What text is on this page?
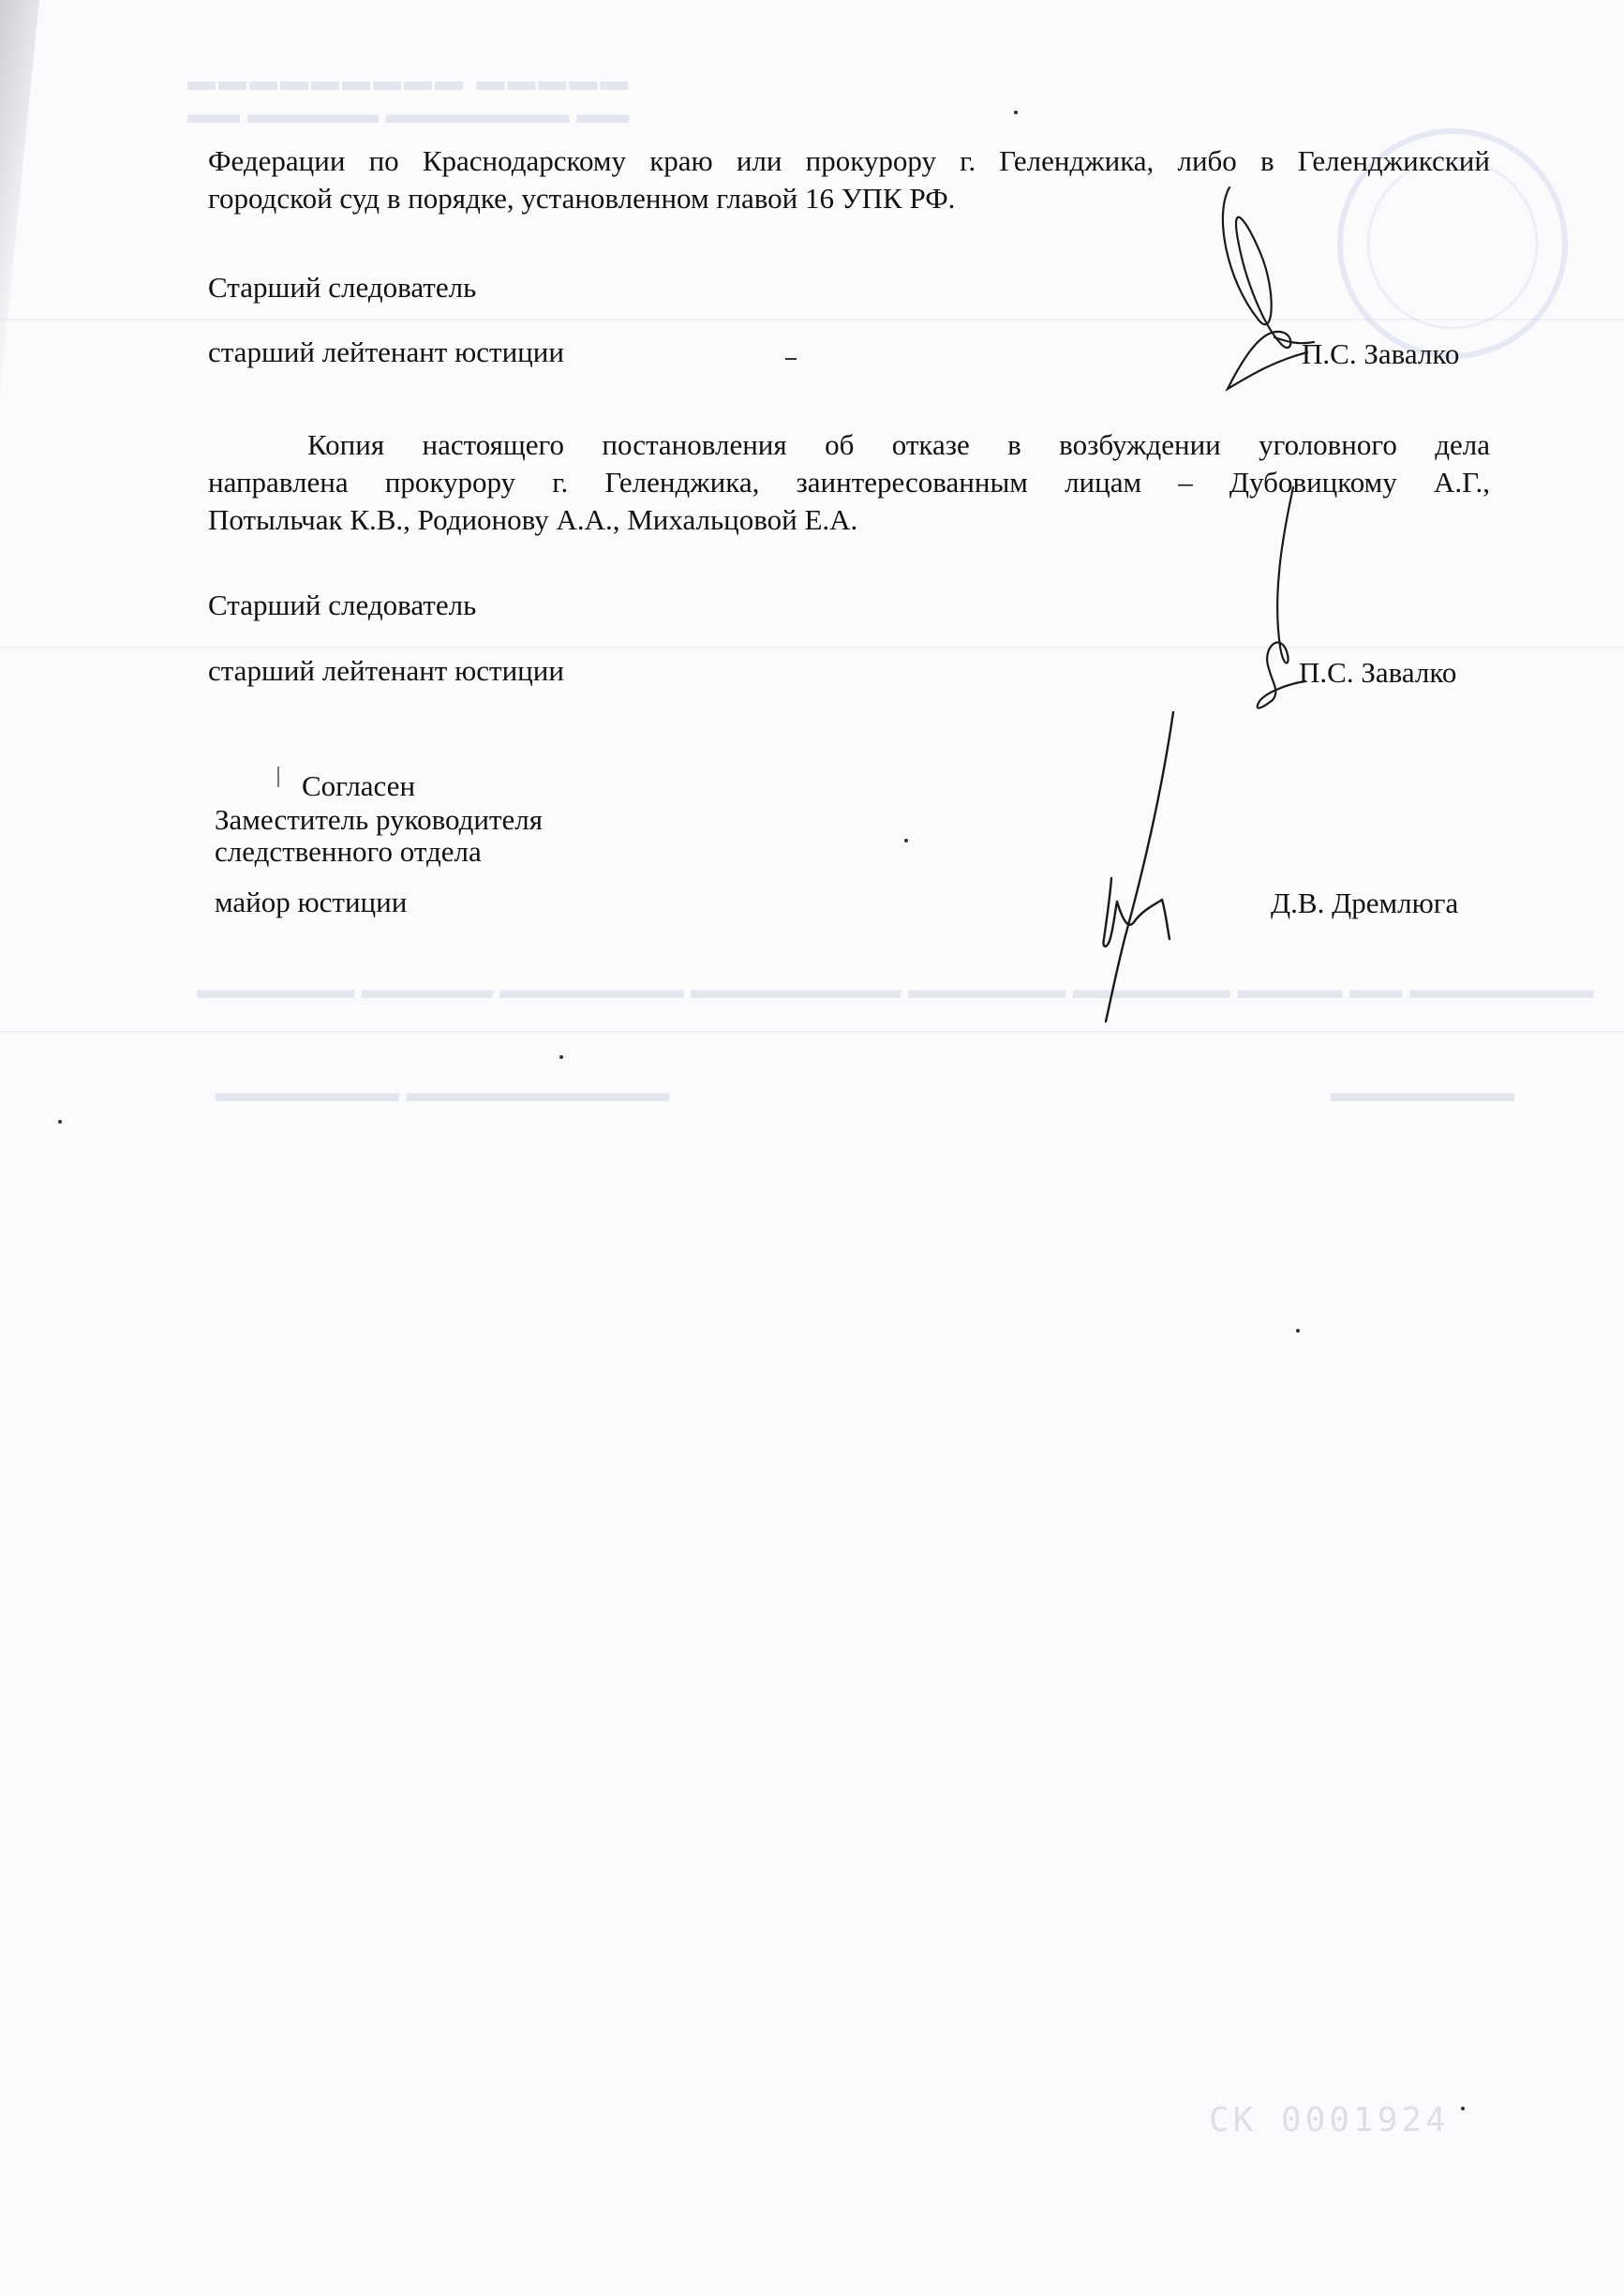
▬▬▬▬▬▬▬▬▬ ▬▬▬▬▬
▬▬ ▬▬▬▬▬ ▬▬▬▬▬▬▬ ▬▬
▬▬▬▬▬▬ ▬▬▬▬▬ ▬▬▬▬▬▬▬ ▬▬▬▬▬▬▬▬ ▬▬▬▬▬▬ ▬▬▬▬▬▬ ▬▬▬▬ ▬▬ ▬▬▬▬▬▬▬
▬▬▬▬▬▬▬ ▬▬▬▬▬▬▬▬▬▬	▬▬▬▬▬▬▬
Федерации по Краснодарскому краю или прокурору г. Геленджика, либо в Геленджикский
городской суд в порядке, установленном главой 16 УПК РФ.
Старший следователь
старший лейтенант юстиции	П.С. Завалко
Копия настоящего постановления об отказе в возбуждении уголовного дела
направлена прокурору г. Геленджика, заинтересованным лицам – Дубовицкому А.Г.,
Потыльчак К.В., Родионову А.А., Михальцовой Е.А.
Старший следователь
старший лейтенант юстиции	П.С. Завалко
Согласен
Заместитель руководителя
следственного отдела
майор юстиции	Д.В. Дремлюга
СК 0001924
